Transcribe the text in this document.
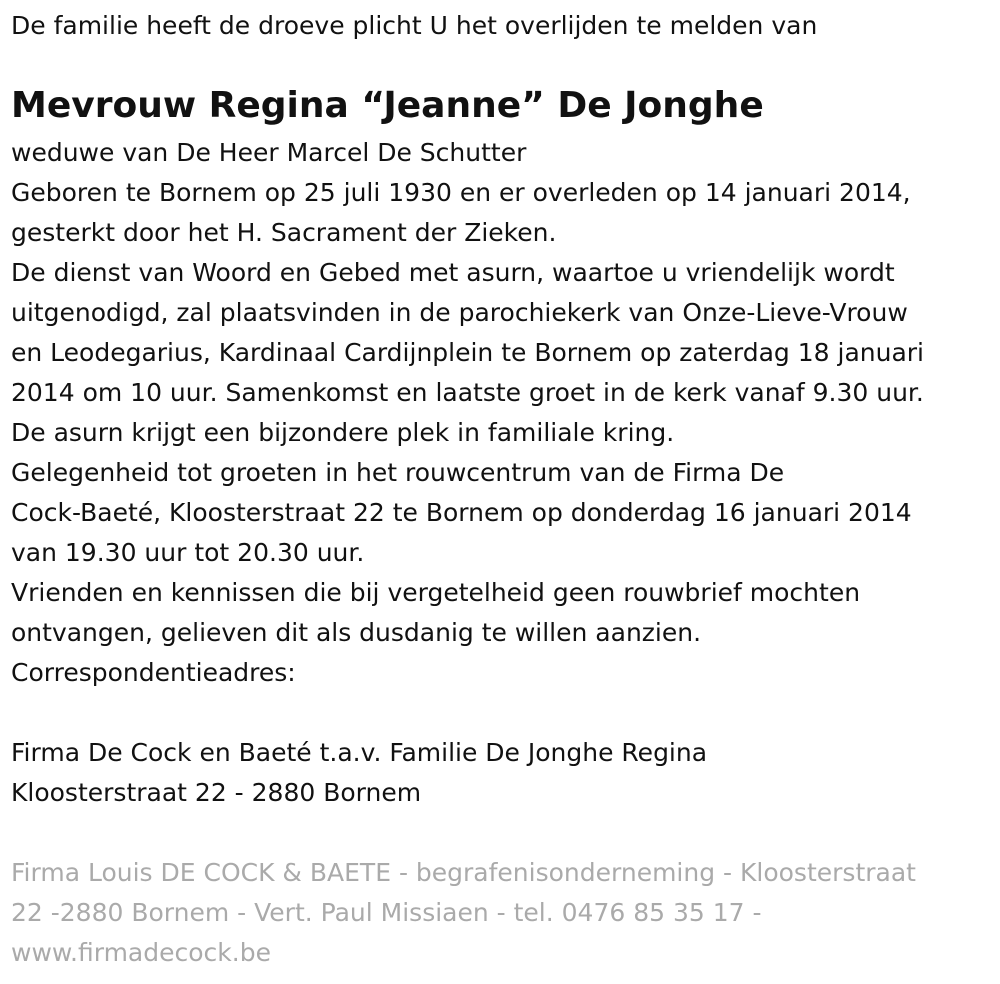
De familie heeft de droeve plicht U het overlijden te melden van
Mevrouw Regina “Jeanne” De Jonghe
weduwe van De Heer Marcel De Schutter
Geboren te Bornem op 25 juli 1930 en er overleden op 14 januari 2014,
gesterkt door het H. Sacrament der Zieken.
De dienst van Woord en Gebed met asurn, waartoe u vriendelijk wordt
uitgenodigd, zal plaatsvinden in de parochiekerk van Onze-Lieve-Vrouw
en Leodegarius, Kardinaal Cardijnplein te Bornem op zaterdag 18 januari
2014 om 10 uur. Samenkomst en laatste groet in de kerk vanaf 9.30 uur.
De asurn krijgt een bijzondere plek in familiale kring.
Gelegenheid tot groeten in het rouwcentrum van de Firma De
Cock-Baeté, Kloosterstraat 22 te Bornem op donderdag 16 januari 2014
van 19.30 uur tot 20.30 uur.
Vrienden en kennissen die bij vergetelheid geen rouwbrief mochten
ontvangen, gelieven dit als dusdanig te willen aanzien.
Correspondentieadres:
Firma De Cock en Baeté t.a.v. Familie De Jonghe Regina
Kloosterstraat 22 - 2880 Bornem
Firma Louis DE COCK & BAETE - begrafenisonderneming - Kloosterstraat
22 -2880 Bornem - Vert. Paul Missiaen - tel. 0476 85 35 17 -
www.firmadecock.be
